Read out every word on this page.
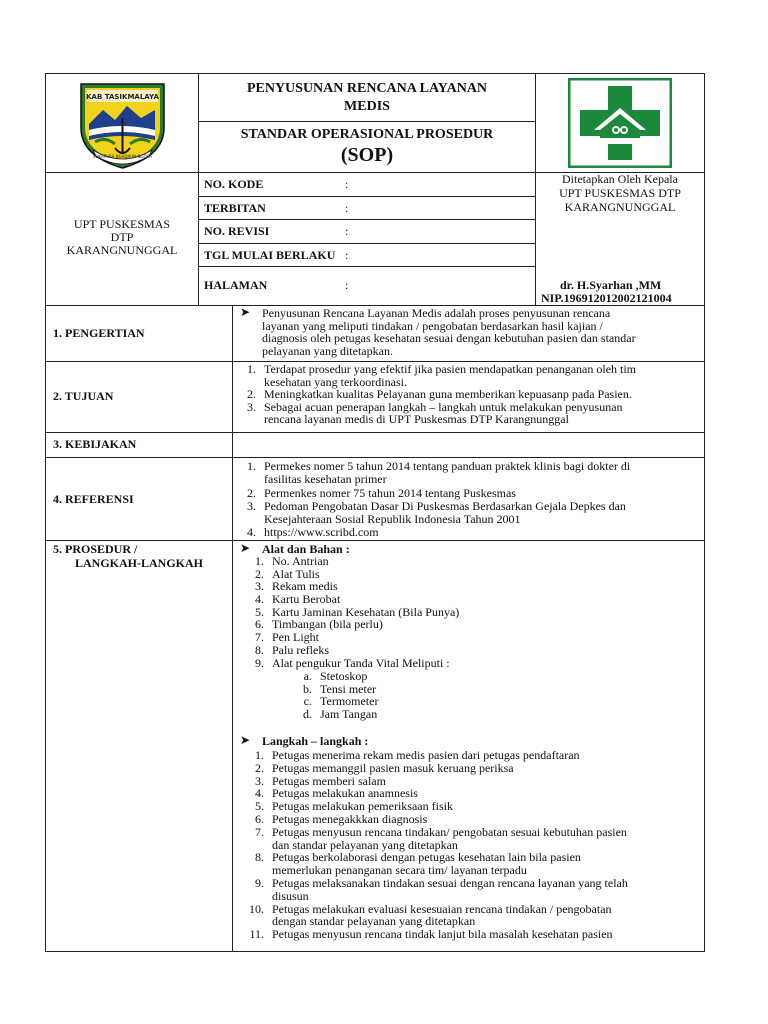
KAB TASIKMALAYA
SUKAPURA NGADAUN NGORA
PENYUSUNAN RENCANA LAYANAN
MEDIS
STANDAR OPERASIONAL PROSEDUR
(SOP)
UPT PUSKESMAS
DTP
KARANGNUNGGAL
NO. KODE	:
TERBITAN	:
NO. REVISI	:
TGL MULAI BERLAKU :
HALAMAN	:
Ditetapkan Oleh Kepala
UPT PUSKESMAS DTP
KARANGNUNGGAL
dr. H.Syarhan ,MM
NIP.196912012002121004
1. PENGERTIAN
➤ Penyusunan Rencana Layanan Medis adalah proses penyusunan rencana
layanan yang meliputi tindakan / pengobatan berdasarkan hasil kajian /
diagnosis oleh petugas kesehatan sesuai dengan kebutuhan pasien dan standar
pelayanan yang ditetapkan.
2. TUJUAN
1. Terdapat prosedur yang efektif jika pasien mendapatkan penanganan oleh tim
kesehatan yang terkoordinasi.
2. Meningkatkan kualitas Pelayanan guna memberikan kepuasanp pada Pasien.
3. Sebagai acuan penerapan langkah – langkah untuk melakukan penyusunan
rencana layanan medis di UPT Puskesmas DTP Karangnunggal
3. KEBIJAKAN
4. REFERENSI
1. Permekes nomer 5 tahun 2014 tentang panduan praktek klinis bagi dokter di
fasilitas kesehatan primer
2. Permenkes nomer 75 tahun 2014 tentang Puskesmas
3. Pedoman Pengobatan Dasar Di Puskesmas Berdasarkan Gejala Depkes dan
Kesejahteraan Sosial Republik Indonesia Tahun 2001
4. https://www.scribd.com
5. PROSEDUR /
LANGKAH-LANGKAH
➤ Alat dan Bahan :
1. No. Antrian
2. Alat Tulis
3. Rekam medis
4. Kartu Berobat
5. Kartu Jaminan Kesehatan (Bila Punya)
6. Timbangan (bila perlu)
7. Pen Light
8. Palu refleks
9. Alat pengukur Tanda Vital Meliputi :
a. Stetoskop
b. Tensi meter
c. Termometer
d. Jam Tangan
➤ Langkah – langkah :
1. Petugas menerima rekam medis pasien dari petugas pendaftaran
2. Petugas memanggil pasien masuk keruang periksa
3. Petugas memberi salam
4. Petugas melakukan anamnesis
5. Petugas melakukan pemeriksaan fisik
6. Petugas menegakkkan diagnosis
7. Petugas menyusun rencana tindakan/ pengobatan sesuai kebutuhan pasien
dan standar pelayanan yang ditetapkan
8. Petugas berkolaborasi dengan petugas kesehatan lain bila pasien
memerlukan penanganan secara tim/ layanan terpadu
9. Petugas melaksanakan tindakan sesuai dengan rencana layanan yang telah
disusun
10. Petugas melakukan evaluasi kesesuaian rencana tindakan / pengobatan
dengan standar pelayanan yang ditetapkan
11. Petugas menyusun rencana tindak lanjut bila masalah kesehatan pasien
